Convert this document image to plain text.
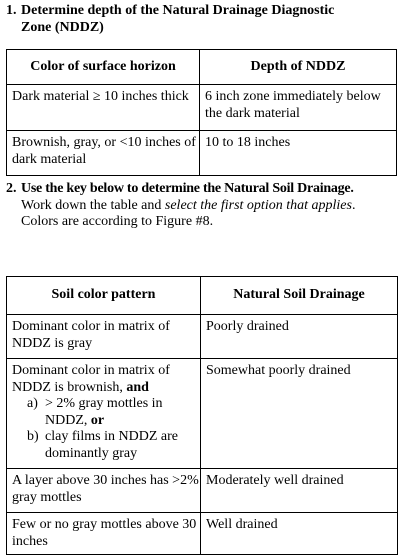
1. Determine depth of the Natural Drainage Diagnostic Zone (NDDZ)
Color of surface horizon	Depth of NDDZ

Dark material ≥ 10 inches thick	6 inch zone immediately below the dark material

Brownish, gray, or <10 inches of dark material	10 to 18 inches
2. Use the key below to determine the Natural Soil Drainage.
Work down the table and select the first option that applies. Colors are according to Figure #8.
Soil color pattern	Natural Soil Drainage

Dominant color in matrix of NDDZ is gray	Poorly drained

Dominant color in matrix of NDDZ is brownish, and
a) > 2% gray mottles in NDDZ, or
b) clay films in NDDZ are dominantly gray	Somewhat poorly drained

A layer above 30 inches has >2% gray mottles	Moderately well drained

Few or no gray mottles above 30 inches	Well drained
